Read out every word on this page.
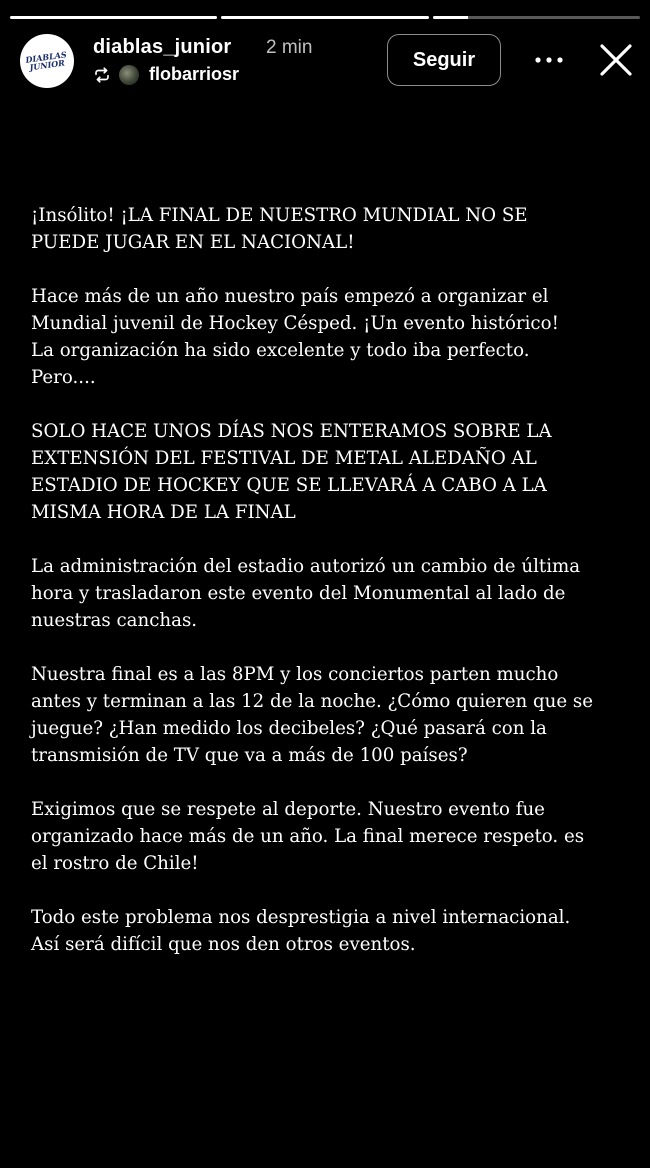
DIABLAS
JUNIOR
diablas_junior 2 min
flobarriosr
Seguir

¡Insólito! ¡LA FINAL DE NUESTRO MUNDIAL NO SE
PUEDE JUGAR EN EL NACIONAL!

Hace más de un año nuestro país empezó a organizar el
Mundial juvenil de Hockey Césped. ¡Un evento histórico!
La organización ha sido excelente y todo iba perfecto.
Pero....

SOLO HACE UNOS DÍAS NOS ENTERAMOS SOBRE LA
EXTENSIÓN DEL FESTIVAL DE METAL ALEDAÑO AL
ESTADIO DE HOCKEY QUE SE LLEVARÁ A CABO A LA
MISMA HORA DE LA FINAL

La administración del estadio autorizó un cambio de última
hora y trasladaron este evento del Monumental al lado de
nuestras canchas.

Nuestra final es a las 8PM y los conciertos parten mucho
antes y terminan a las 12 de la noche. ¿Cómo quieren que se
juegue? ¿Han medido los decibeles? ¿Qué pasará con la
transmisión de TV que va a más de 100 países?

Exigimos que se respete al deporte. Nuestro evento fue
organizado hace más de un año. La final merece respeto. es
el rostro de Chile!

Todo este problema nos desprestigia a nivel internacional.
Así será difícil que nos den otros eventos.
